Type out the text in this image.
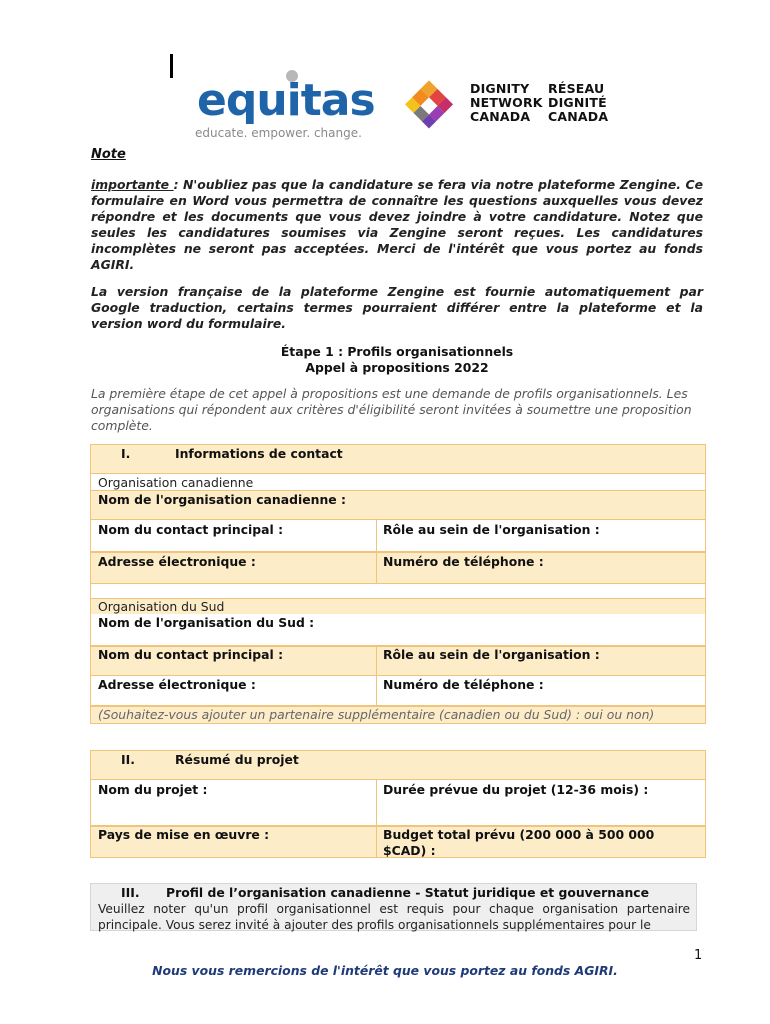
equitas
educate. empower. change.
DIGNITY
NETWORK
CANADA
RÉSEAU
DIGNITÉ
CANADA
Note
importante : N'oubliez pas que la candidature se fera via notre plateforme Zengine. Ce formulaire en Word vous permettra de connaître les questions auxquelles vous devez répondre et les documents que vous devez joindre à votre candidature. Notez que seules les candidatures soumises via Zengine seront reçues. Les candidatures incomplètes ne seront pas acceptées. Merci de l'intérêt que vous portez au fonds AGIRI.
La version française de la plateforme Zengine est fournie automatiquement par Google traduction, certains termes pourraient différer entre la plateforme et la version word du formulaire.
Étape 1 : Profils organisationnels
Appel à propositions 2022
La première étape de cet appel à propositions est une demande de profils organisationnels. Les organisations qui répondent aux critères d'éligibilité seront invitées à soumettre une proposition complète.
I.	Informations de contact
Organisation canadienne
Nom de l'organisation canadienne :
Nom du contact principal :	Rôle au sein de l'organisation :
Adresse électronique :	Numéro de téléphone :
Organisation du Sud
Nom de l'organisation du Sud :
Nom du contact principal :	Rôle au sein de l'organisation :
Adresse électronique :	Numéro de téléphone :
(Souhaitez-vous ajouter un partenaire supplémentaire (canadien ou du Sud) : oui ou non)
II.	Résumé du projet
Nom du projet :	Durée prévue du projet (12-36 mois) :
Pays de mise en œuvre :	Budget total prévu (200 000 à 500 000 $CAD) :
III. Profil de l’organisation canadienne - Statut juridique et gouvernance
Veuillez noter qu'un profil organisationnel est requis pour chaque organisation partenaire principale. Vous serez invité à ajouter des profils organisationnels supplémentaires pour le
1
Nous vous remercions de l'intérêt que vous portez au fonds AGIRI.
